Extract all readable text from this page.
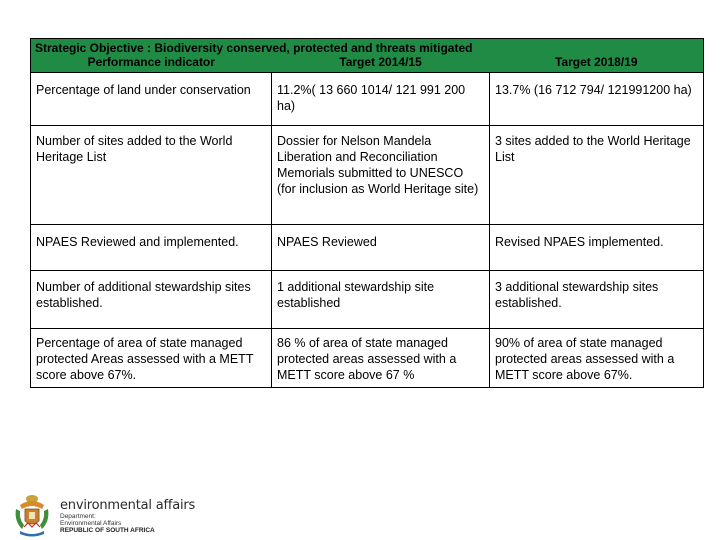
Strategic Objective : Biodiversity conserved, protected and threats mitigated		
Performance indicator	Target 2014/15	Target 2018/19
Percentage of land under conservation	11.2%( 13 660 1014/ 121 991 200 ha)	13.7% (16 712 794/ 121991200 ha)
Number of sites added to the World Heritage List	Dossier for Nelson Mandela Liberation and Reconciliation Memorials submitted to UNESCO (for inclusion as World Heritage site)	3 sites added to the World Heritage List
NPAES Reviewed and implemented.	NPAES Reviewed	Revised NPAES implemented.
Number of additional stewardship sites established.	1 additional stewardship site established	3 additional stewardship sites established.
Percentage of area of state managed protected Areas assessed with a METT score above 67%.	86 % of area of state managed protected areas assessed with a METT score above 67 %	90% of area of state managed protected areas assessed with a METT score above 67%.
environmental affairs
Department:
Environmental Affairs
REPUBLIC OF SOUTH AFRICA
